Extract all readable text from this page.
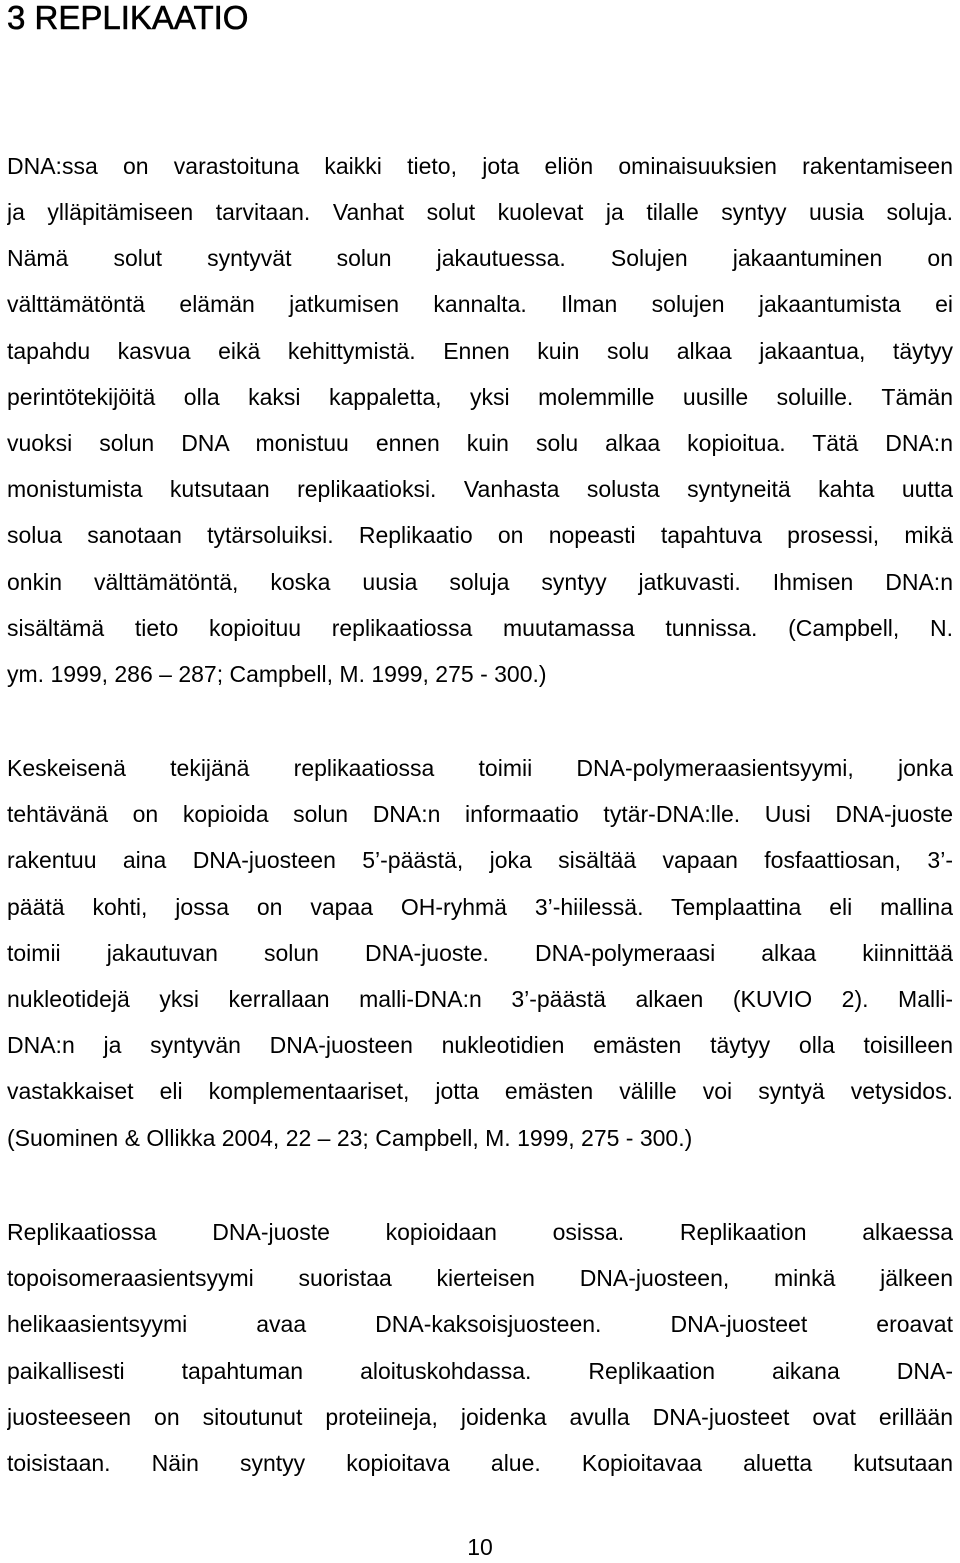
3 REPLIKAATIO
DNA:ssa on varastoituna kaikki tieto, jota eliön ominaisuuksien rakentamiseen
ja ylläpitämiseen tarvitaan. Vanhat solut kuolevat ja tilalle syntyy uusia soluja.
Nämä solut syntyvät solun jakautuessa. Solujen jakaantuminen on
välttämätöntä elämän jatkumisen kannalta. Ilman solujen jakaantumista ei
tapahdu kasvua eikä kehittymistä. Ennen kuin solu alkaa jakaantua, täytyy
perintötekijöitä olla kaksi kappaletta, yksi molemmille uusille soluille. Tämän
vuoksi solun DNA monistuu ennen kuin solu alkaa kopioitua. Tätä DNA:n
monistumista kutsutaan replikaatioksi. Vanhasta solusta syntyneitä kahta uutta
solua sanotaan tytärsoluiksi. Replikaatio on nopeasti tapahtuva prosessi, mikä
onkin välttämätöntä, koska uusia soluja syntyy jatkuvasti. Ihmisen DNA:n
sisältämä tieto kopioituu replikaatiossa muutamassa tunnissa. (Campbell, N.
ym. 1999, 286 – 287; Campbell, M. 1999, 275 - 300.)
Keskeisenä tekijänä replikaatiossa toimii DNA-polymeraasientsyymi, jonka
tehtävänä on kopioida solun DNA:n informaatio tytär-DNA:lle. Uusi DNA-juoste
rakentuu aina DNA-juosteen 5’-päästä, joka sisältää vapaan fosfaattiosan, 3’-
päätä kohti, jossa on vapaa OH-ryhmä 3’-hiilessä. Templaattina eli mallina
toimii jakautuvan solun DNA-juoste. DNA-polymeraasi alkaa kiinnittää
nukleotidejä yksi kerrallaan malli-DNA:n 3’-päästä alkaen (KUVIO 2). Malli-
DNA:n ja syntyvän DNA-juosteen nukleotidien emästen täytyy olla toisilleen
vastakkaiset eli komplementaariset, jotta emästen välille voi syntyä vetysidos.
(Suominen & Ollikka 2004, 22 – 23; Campbell, M. 1999, 275 - 300.)
Replikaatiossa DNA-juoste kopioidaan osissa. Replikaation alkaessa
topoisomeraasientsyymi suoristaa kierteisen DNA-juosteen, minkä jälkeen
helikaasientsyymi avaa DNA-kaksoisjuosteen. DNA-juosteet eroavat
paikallisesti tapahtuman aloituskohdassa. Replikaation aikana DNA-
juosteeseen on sitoutunut proteiineja, joidenka avulla DNA-juosteet ovat erillään
toisistaan. Näin syntyy kopioitava alue. Kopioitavaa aluetta kutsutaan
10
